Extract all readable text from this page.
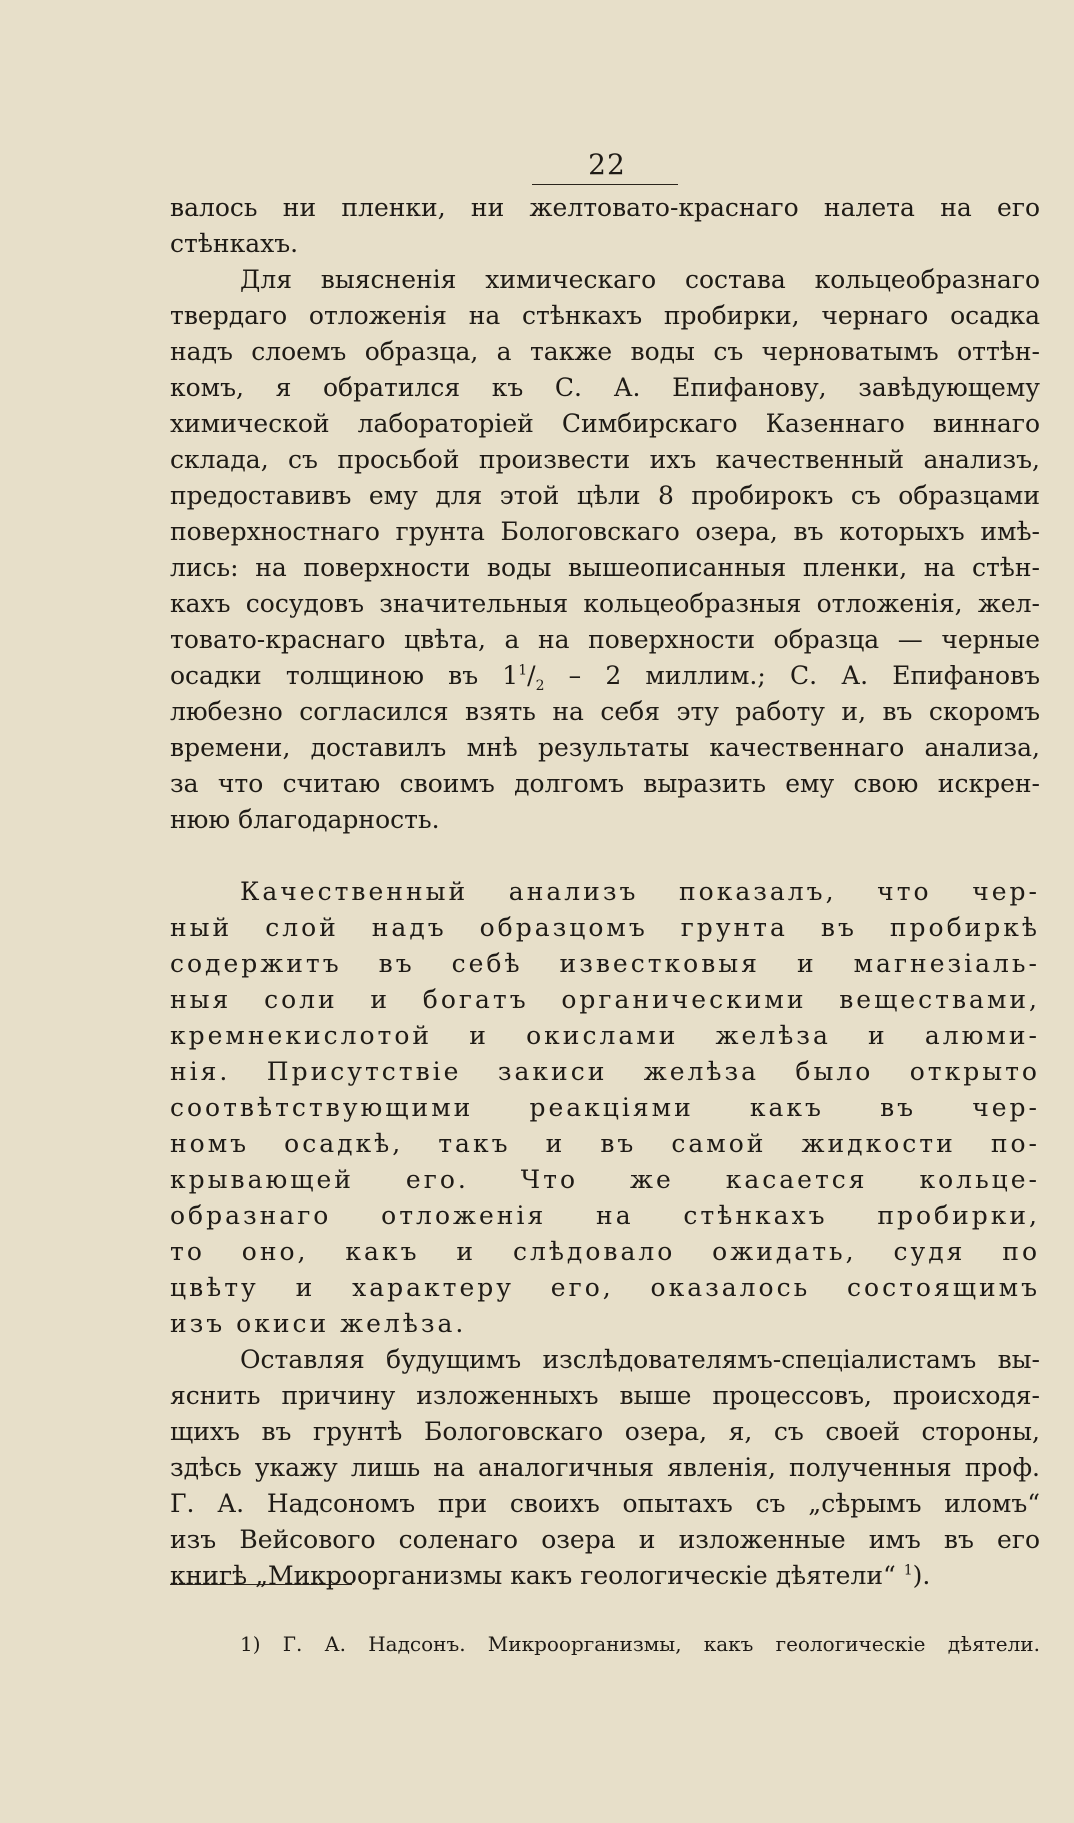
22
валось ни пленки, ни желтовато-краснаго налета на его
стѣнкахъ.
Для выясненія химическаго состава кольцеобразнаго
твердаго отложенія на стѣнкахъ пробирки, чернаго осадка
надъ слоемъ образца, а также воды съ черноватымъ оттѣн-
комъ, я обратился къ С. А. Епифанову, завѣдующему
химической лабораторіей Симбирскаго Казеннаго виннаго
склада, съ просьбой произвести ихъ качественный анализъ,
предоставивъ ему для этой цѣли 8 пробирокъ съ образцами
поверхностнаго грунта Бологовскаго озера, въ которыхъ имѣ-
лись: на поверхности воды вышеописанныя пленки, на стѣн-
кахъ сосудовъ значительныя кольцеобразныя отложенія, жел-
товато-краснаго цвѣта, а на поверхности образца — черные
осадки толщиною въ $1^1/_2 - 2$ миллим.; С. А. Епифановъ
любезно согласился взять на себя эту работу и, въ скоромъ
времени, доставилъ мнѣ результаты качественнаго анализа,
за что считаю своимъ долгомъ выразить ему свою искрен-
нюю благодарность.
Качественный анализъ показалъ, что чер-
ный слой надъ образцомъ грунта въ пробиркѣ
содержитъ въ себѣ известковыя и магнезіаль-
ныя соли и богатъ органическими веществами,
кремнекислотой и окислами желѣза и алюми-
нія. Присутствіе закиси желѣза было открыто
соотвѣтствующими реакціями какъ въ чер-
номъ осадкѣ, такъ и въ самой жидкости по-
крывающей его. Что же касается кольце-
образнаго отложенія на стѣнкахъ пробирки,
то оно, какъ и слѣдовало ожидать, судя по
цвѣту и характеру его, оказалось состоящимъ
изъ окиси желѣза.
Оставляя будущимъ изслѣдователямъ-спеціалистамъ вы-
яснить причину изложенныхъ выше процессовъ, происходя-
щихъ въ грунтѣ Бологовскаго озера, я, съ своей стороны,
здѣсь укажу лишь на аналогичныя явленія, полученныя проф.
Г. А. Надсономъ при своихъ опытахъ съ „сѣрымъ иломъ“
изъ Вейсового соленаго озера и изложенные имъ въ его
книгѣ „Микроорганизмы какъ геологическіе дѣятели“ $^1$).
1) Г. А. Надсонъ. Микроорганизмы, какъ геологическіе дѣятели.
